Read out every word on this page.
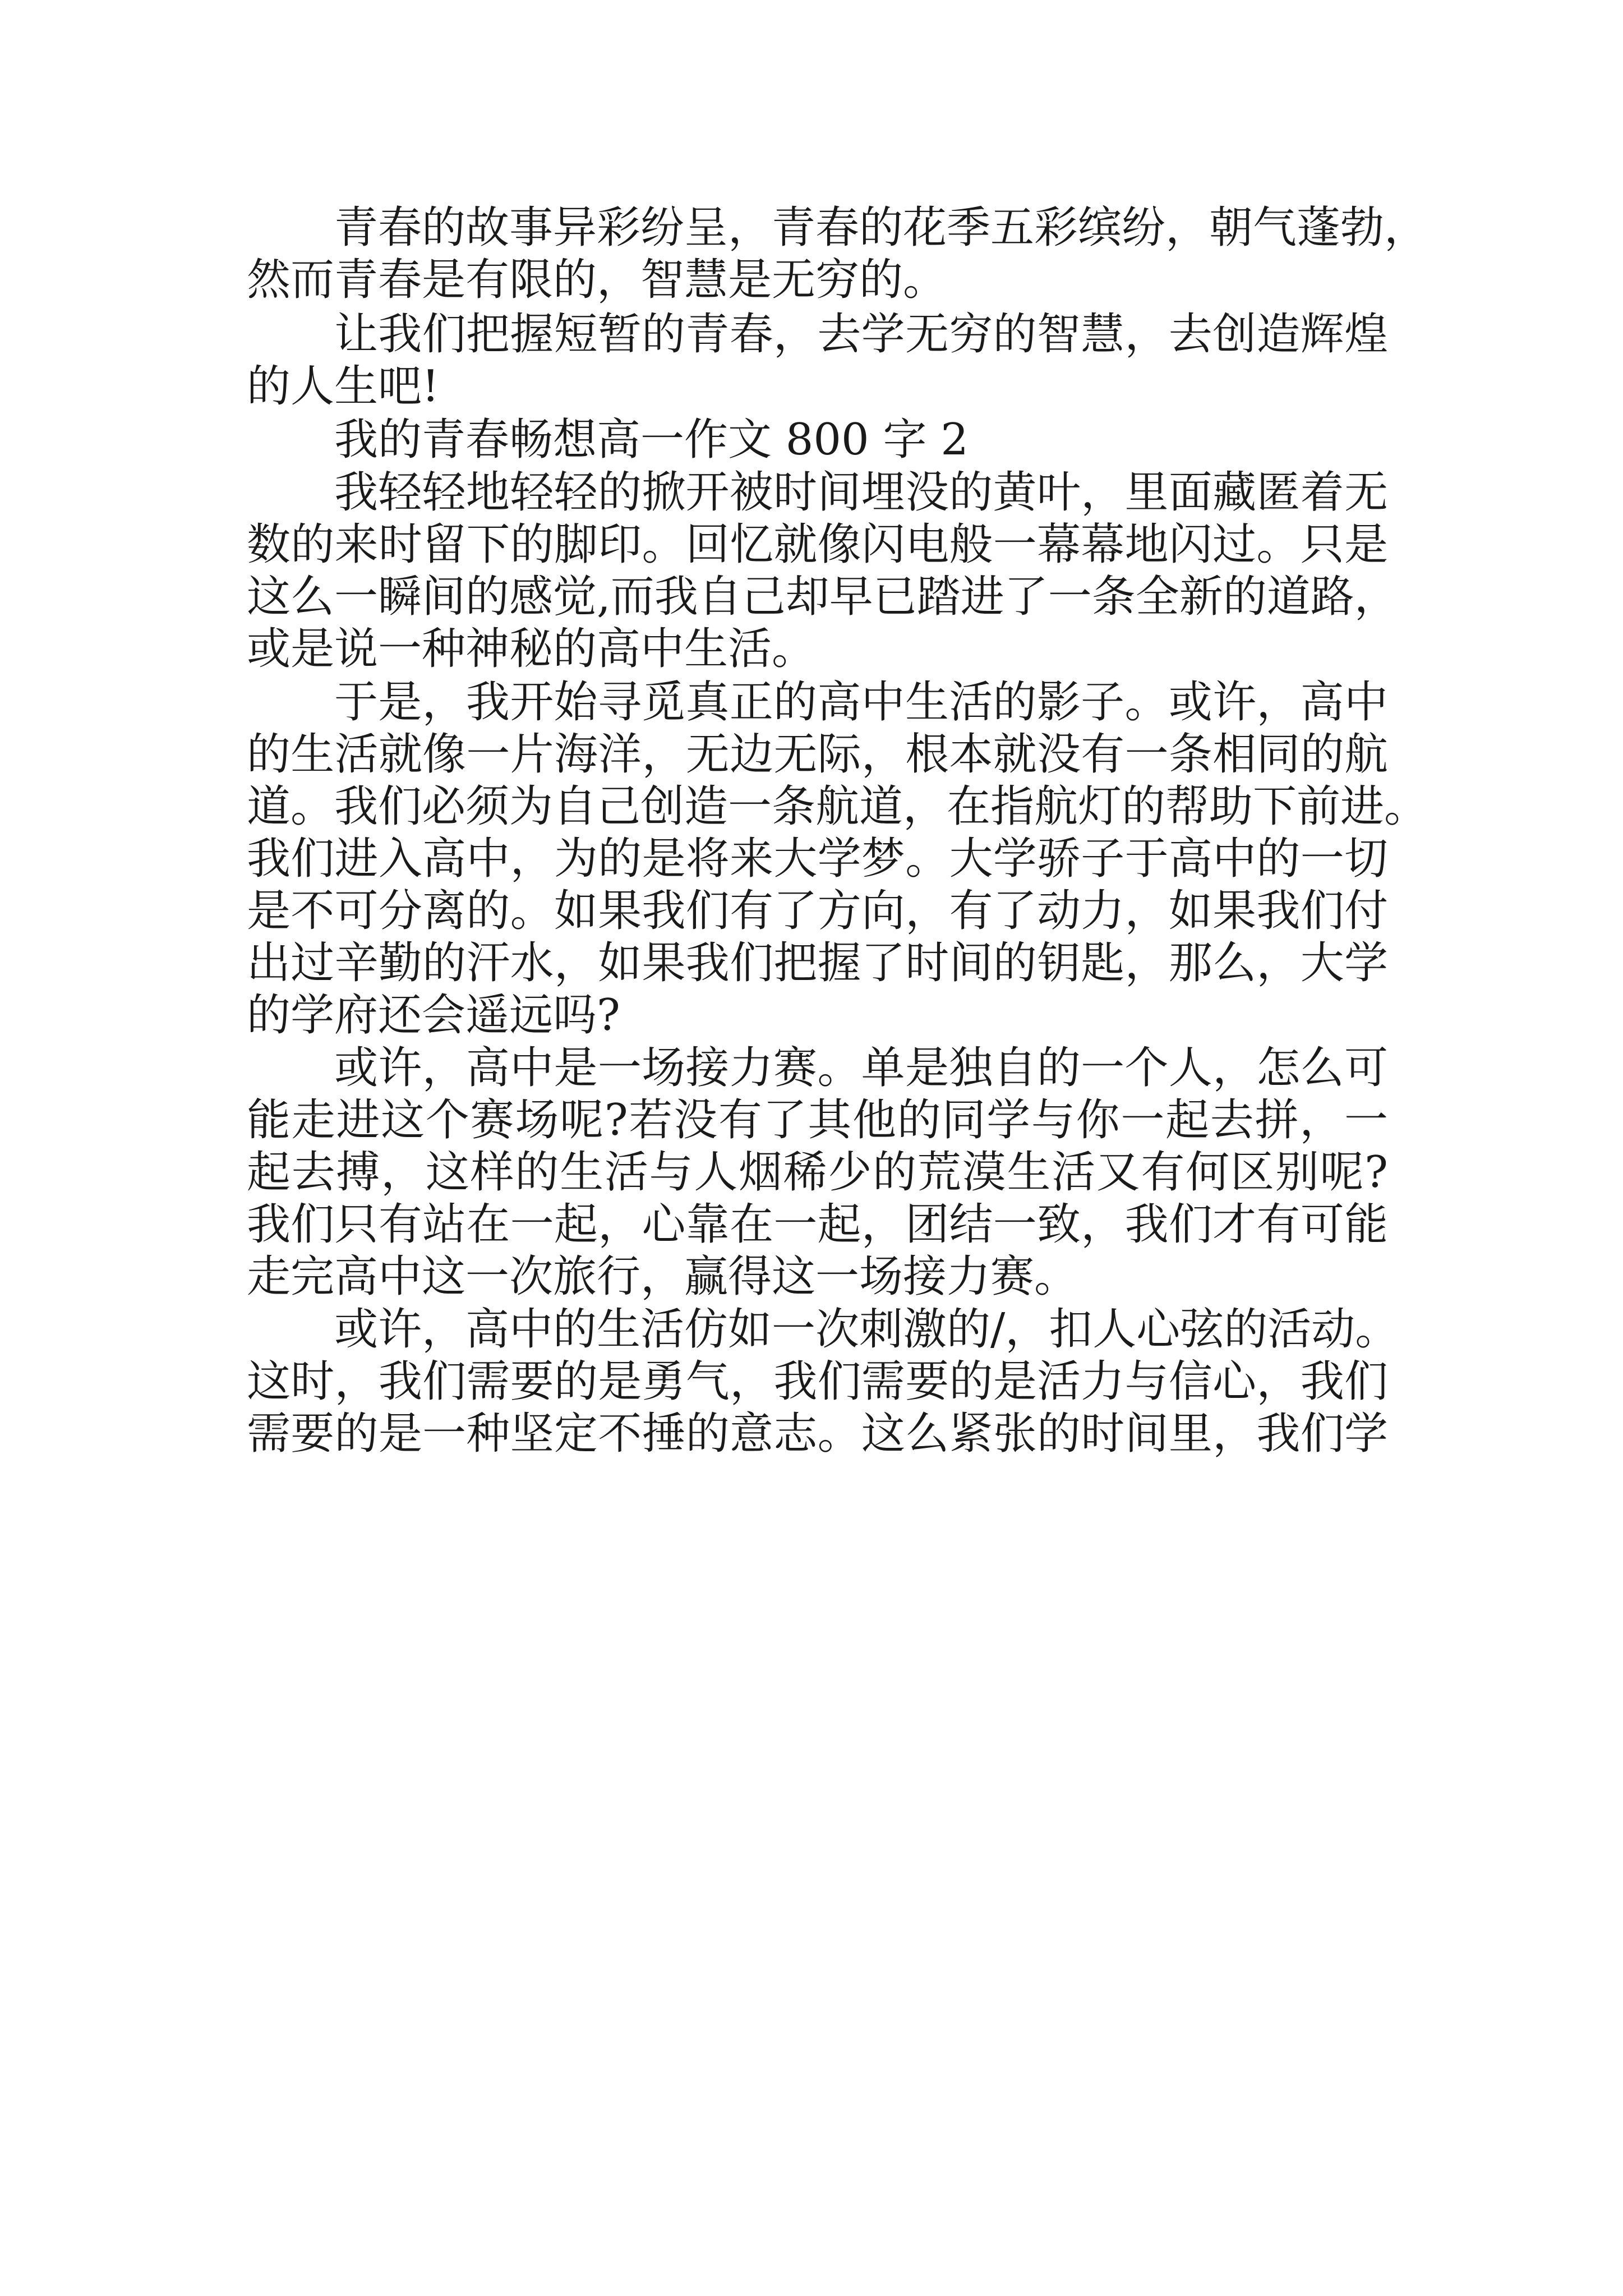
青春的故事异彩纷呈，青春的花季五彩缤纷，朝气蓬勃，
然而青春是有限的，智慧是无穷的。
让我们把握短暂的青春，去学无穷的智慧，去创造辉煌
的人生吧!
我的青春畅想高一作文 800 字 2
我轻轻地轻轻的掀开被时间埋没的黄叶，里面藏匿着无
数的来时留下的脚印。回忆就像闪电般一幕幕地闪过。只是
这么一瞬间的感觉,而我自己却早已踏进了一条全新的道路，
或是说一种神秘的高中生活。
于是，我开始寻觅真正的高中生活的影子。或许，高中
的生活就像一片海洋，无边无际，根本就没有一条相同的航
道。我们必须为自己创造一条航道，在指航灯的帮助下前进。
我们进入高中，为的是将来大学梦。大学骄子于高中的一切
是不可分离的。如果我们有了方向，有了动力，如果我们付
出过辛勤的汗水，如果我们把握了时间的钥匙，那么，大学
的学府还会遥远吗?
或许，高中是一场接力赛。单是独自的一个人，怎么可
能走进这个赛场呢?若没有了其他的同学与你一起去拼，一
起去搏，这样的生活与人烟稀少的荒漠生活又有何区别呢?
我们只有站在一起，心靠在一起，团结一致，我们才有可能
走完高中这一次旅行，赢得这一场接力赛。
或许，高中的生活仿如一次刺激的/，扣人心弦的活动。
这时，我们需要的是勇气，我们需要的是活力与信心，我们
需要的是一种坚定不捶的意志。这么紧张的时间里，我们学
